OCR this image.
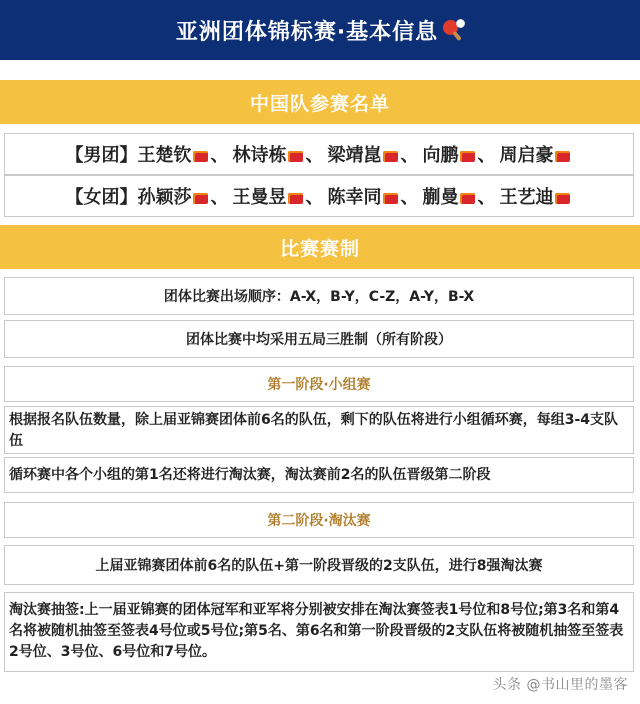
亚洲团体锦标赛·基本信息
中国队参赛名单
【男团】 王楚钦 、 林诗栋 、 梁靖崑 、 向鹏 、 周启豪
【女团】 孙颖莎 、 王曼昱 、 陈幸同 、 蒯曼 、 王艺迪
比赛赛制
团体比赛出场顺序：A-X，B-Y，C-Z，A-Y，B-X
团体比赛中均采用五局三胜制（所有阶段）
第一阶段·小组赛
根据报名队伍数量，除上届亚锦赛团体前6名的队伍，剩下的队伍将进行小组循环赛，每组3-4支队伍
循环赛中各个小组的第1名还将进行淘汰赛，淘汰赛前2名的队伍晋级第二阶段
第二阶段·淘汰赛
上届亚锦赛团体前6名的队伍+第一阶段晋级的2支队伍，进行8强淘汰赛
淘汰赛抽签:上一届亚锦赛的团体冠军和亚军将分别被安排在淘汰赛签表1号位和8号位;第3名和第4名将被随机抽签至签表4号位或5号位;第5名、第6名和第一阶段晋级的2支队伍将被随机抽签至签表2号位、3号位、6号位和7号位。
头条 @书山里的墨客
